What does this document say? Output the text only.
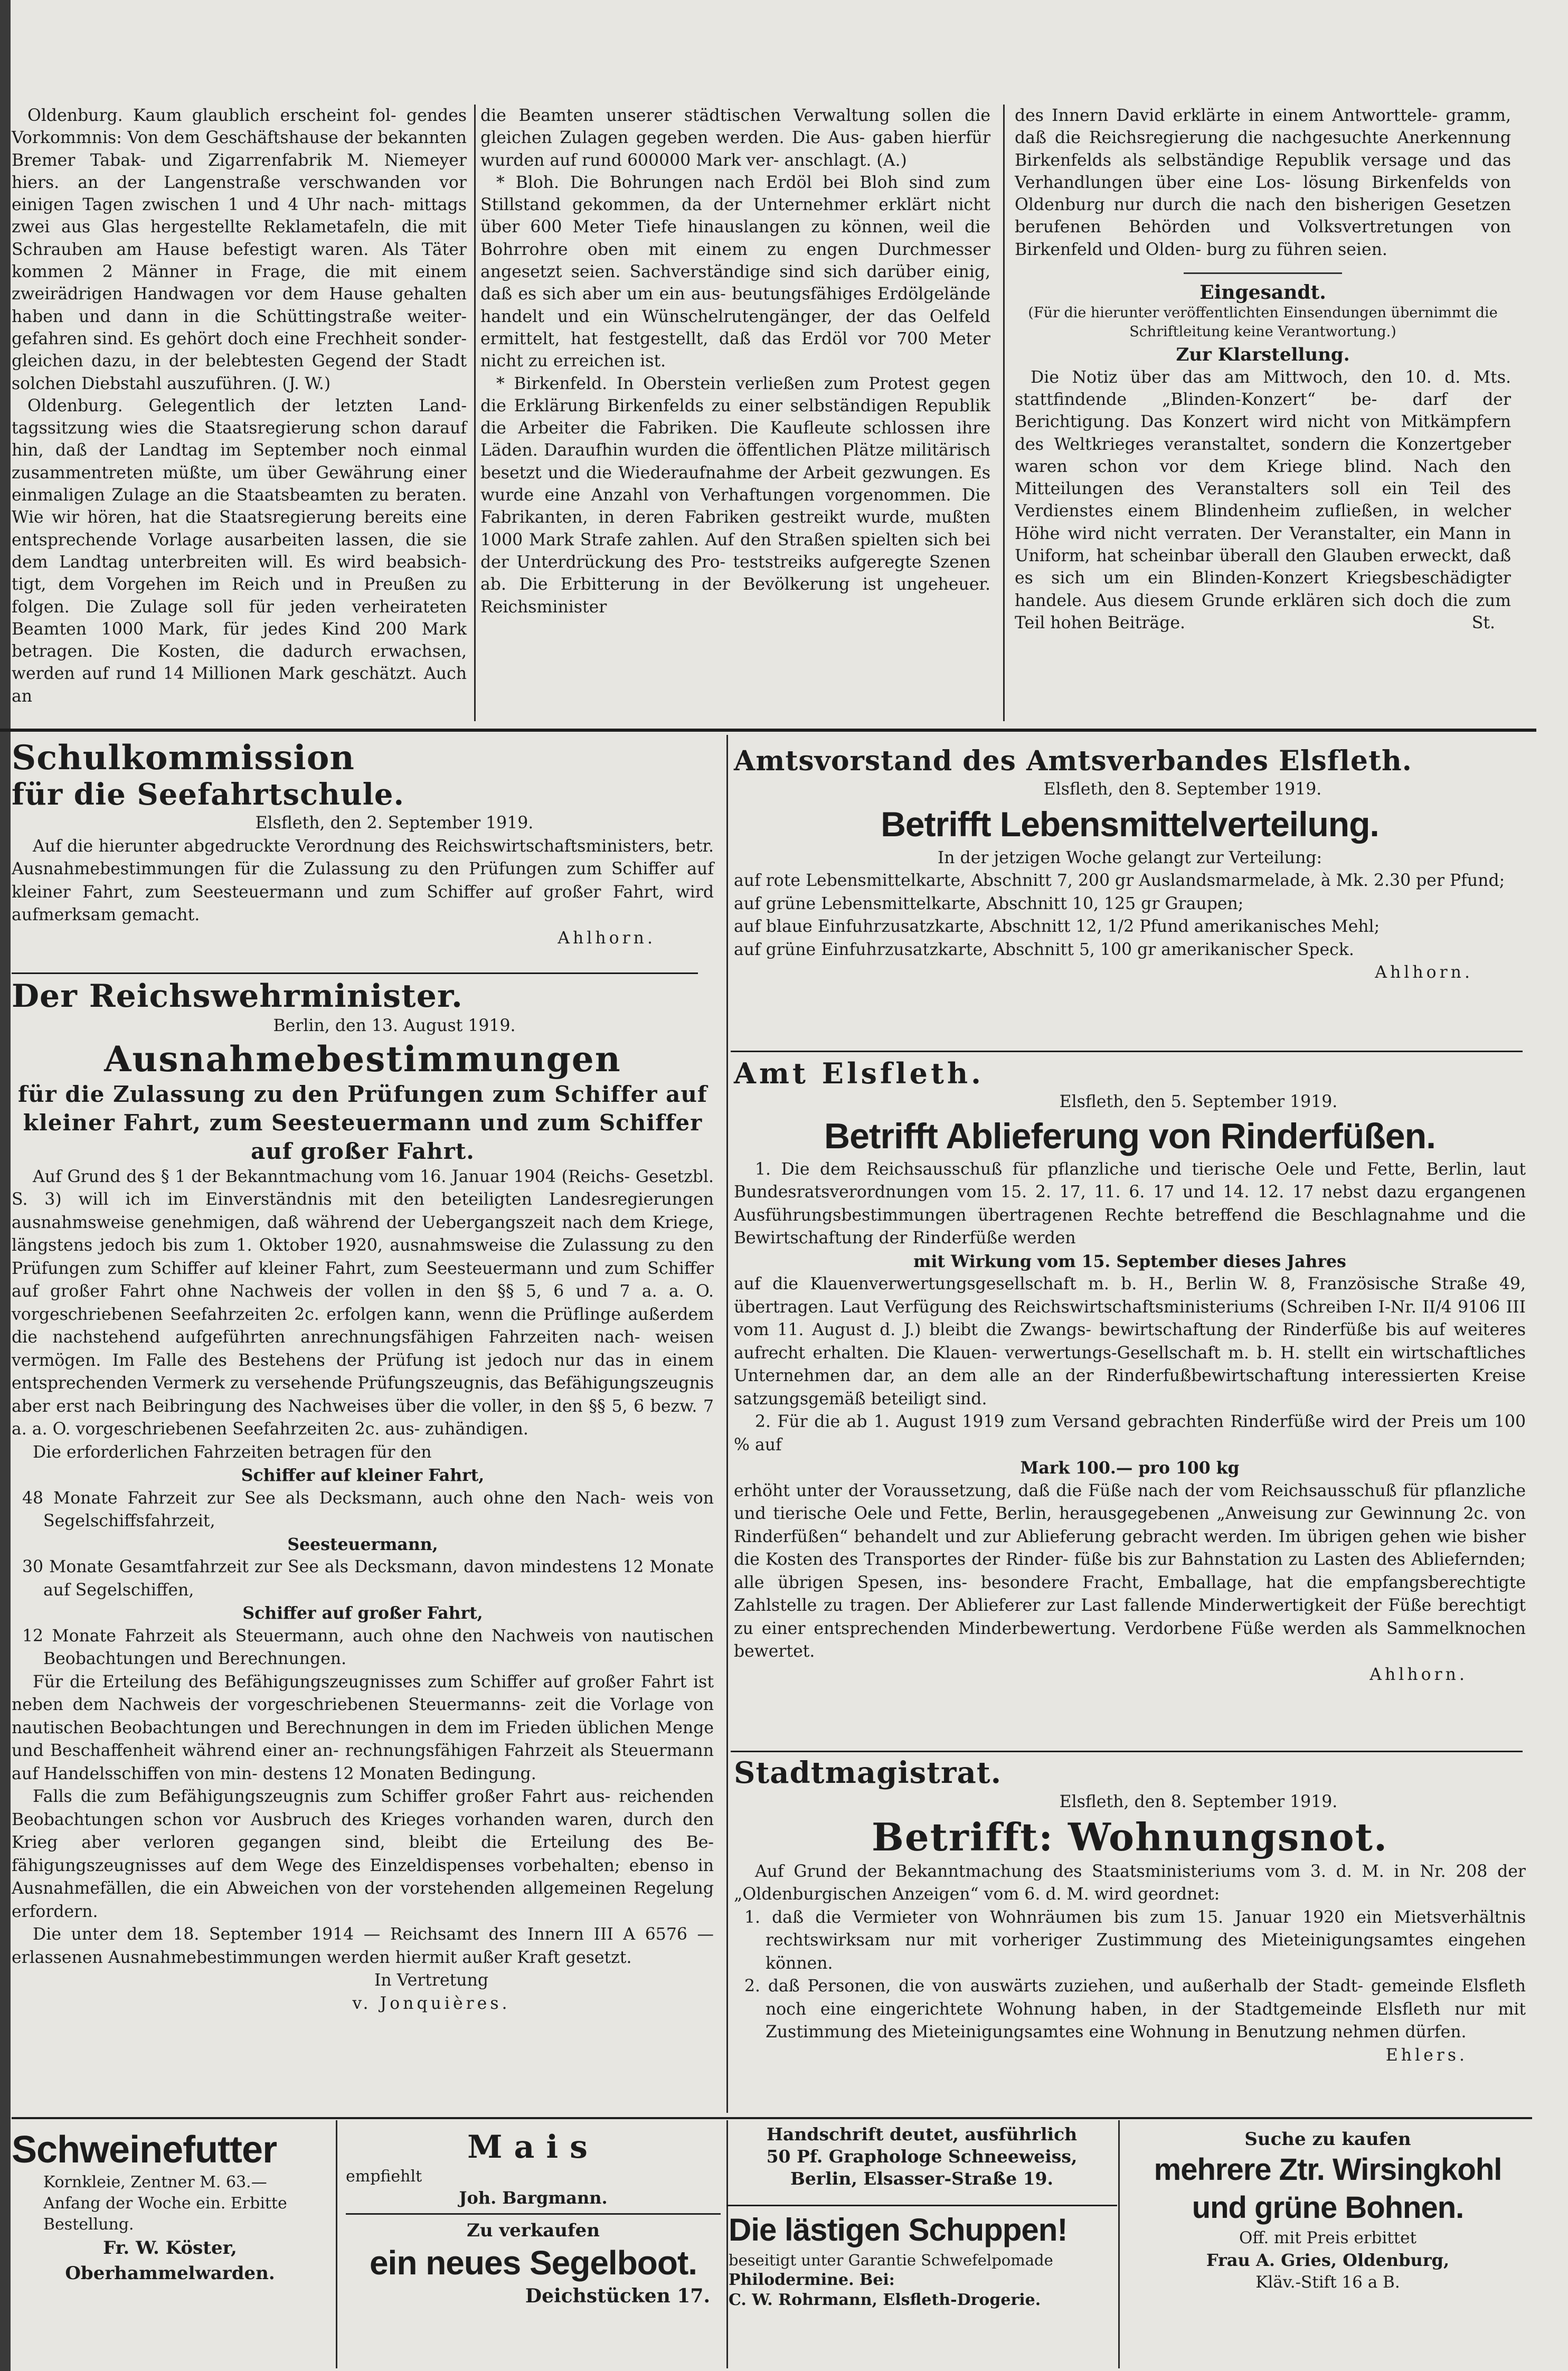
Oldenburg. Kaum glaublich erscheint fol- gendes Vorkommnis: Von dem Geschäftshause der bekannten Bremer Tabak- und Zigarrenfabrik M. Niemeyer hiers. an der Langenstraße verschwanden vor einigen Tagen zwischen 1 und 4 Uhr nach- mittags zwei aus Glas hergestellte Reklametafeln, die mit Schrauben am Hause befestigt waren. Als Täter kommen 2 Männer in Frage, die mit einem zweirädrigen Handwagen vor dem Hause gehalten haben und dann in die Schüttingstraße weiter- gefahren sind. Es gehört doch eine Frechheit sonder- gleichen dazu, in der belebtesten Gegend der Stadt solchen Diebstahl auszuführen. (J. W.)

Oldenburg. Gelegentlich der letzten Land- tagssitzung wies die Staatsregierung schon darauf hin, daß der Landtag im September noch einmal zusammentreten müßte, um über Gewährung einer einmaligen Zulage an die Staatsbeamten zu beraten. Wie wir hören, hat die Staatsregierung bereits eine entsprechende Vorlage ausarbeiten lassen, die sie dem Landtag unterbreiten will. Es wird beabsich- tigt, dem Vorgehen im Reich und in Preußen zu folgen. Die Zulage soll für jeden verheirateten Beamten 1000 Mark, für jedes Kind 200 Mark betragen. Die Kosten, die dadurch erwachsen, werden auf rund 14 Millionen Mark geschätzt. Auch an

die Beamten unserer städtischen Verwaltung sollen die gleichen Zulagen gegeben werden. Die Aus- gaben hierfür wurden auf rund 600000 Mark ver- anschlagt. (A.)

* Bloh. Die Bohrungen nach Erdöl bei Bloh sind zum Stillstand gekommen, da der Unternehmer erklärt nicht über 600 Meter Tiefe hinauslangen zu können, weil die Bohrrohre oben mit einem zu engen Durchmesser angesetzt seien. Sachverständige sind sich darüber einig, daß es sich aber um ein aus- beutungsfähiges Erdölgelände handelt und ein Wünschelrutengänger, der das Oelfeld ermittelt, hat festgestellt, daß das Erdöl vor 700 Meter nicht zu erreichen ist.

* Birkenfeld. In Oberstein verließen zum Protest gegen die Erklärung Birkenfelds zu einer selbständigen Republik die Arbeiter die Fabriken. Die Kaufleute schlossen ihre Läden. Daraufhin wurden die öffentlichen Plätze militärisch besetzt und die Wiederaufnahme der Arbeit gezwungen. Es wurde eine Anzahl von Verhaftungen vorgenommen. Die Fabrikanten, in deren Fabriken gestreikt wurde, mußten 1000 Mark Strafe zahlen. Auf den Straßen spielten sich bei der Unterdrückung des Pro- teststreiks aufgeregte Szenen ab. Die Erbitterung in der Bevölkerung ist ungeheuer. Reichsminister

des Innern David erklärte in einem Antworttele- gramm, daß die Reichsregierung die nachgesuchte Anerkennung Birkenfelds als selbständige Republik versage und das Verhandlungen über eine Los- lösung Birkenfelds von Oldenburg nur durch die nach den bisherigen Gesetzen berufenen Behörden und Volksvertretungen von Birkenfeld und Olden- burg zu führen seien.

Eingesandt.

(Für die hierunter veröffentlichten Einsendungen übernimmt die Schriftleitung keine Verantwortung.)

Zur Klarstellung.

Die Notiz über das am Mittwoch, den 10. d. Mts. stattfindende „Blinden-Konzert“ be- darf der Berichtigung. Das Konzert wird nicht von Mitkämpfern des Weltkrieges veranstaltet, sondern die Konzertgeber waren schon vor dem Kriege blind. Nach den Mitteilungen des Veranstalters soll ein Teil des Verdienstes einem Blindenheim zufließen, in welcher Höhe wird nicht verraten. Der Veranstalter, ein Mann in Uniform, hat scheinbar überall den Glauben erweckt, daß es sich um ein Blinden-Konzert Kriegsbeschädigter handele. Aus diesem Grunde erklären sich doch die zum Teil hohen Beiträge.	St.

Schulkommission
für die Seefahrtschule.

Elsfleth, den 2. September 1919.

Auf die hierunter abgedruckte Verordnung des Reichswirtschaftsministers, betr. Ausnahmebestimmungen für die Zulassung zu den Prüfungen zum Schiffer auf kleiner Fahrt, zum Seesteuermann und zum Schiffer auf großer Fahrt, wird aufmerksam gemacht.

Ahlhorn.

Der Reichswehrminister.

Berlin, den 13. August 1919.

Ausnahmebestimmungen

für die Zulassung zu den Prüfungen zum Schiffer auf kleiner Fahrt, zum Seesteuermann und zum Schiffer auf großer Fahrt.

Auf Grund des § 1 der Bekanntmachung vom 16. Januar 1904 (Reichs- Gesetzbl. S. 3) will ich im Einverständnis mit den beteiligten Landesregierungen ausnahmsweise genehmigen, daß während der Uebergangszeit nach dem Kriege, längstens jedoch bis zum 1. Oktober 1920, ausnahmsweise die Zulassung zu den Prüfungen zum Schiffer auf kleiner Fahrt, zum Seesteuermann und zum Schiffer auf großer Fahrt ohne Nachweis der vollen in den §§ 5, 6 und 7 a. a. O. vorgeschriebenen Seefahrzeiten 2c. erfolgen kann, wenn die Prüflinge außerdem die nachstehend aufgeführten anrechnungsfähigen Fahrzeiten nach- weisen vermögen. Im Falle des Bestehens der Prüfung ist jedoch nur das in einem entsprechenden Vermerk zu versehende Prüfungszeugnis, das Befähigungszeugnis aber erst nach Beibringung des Nachweises über die voller, in den §§ 5, 6 bezw. 7 a. a. O. vorgeschriebenen Seefahrzeiten 2c. aus- zuhändigen.

Die erforderlichen Fahrzeiten betragen für den

Schiffer auf kleiner Fahrt,

48 Monate Fahrzeit zur See als Decksmann, auch ohne den Nach- weis von Segelschiffsfahrzeit,

Seesteuermann,

30 Monate Gesamtfahrzeit zur See als Decksmann, davon mindestens 12 Monate auf Segelschiffen,

Schiffer auf großer Fahrt,

12 Monate Fahrzeit als Steuermann, auch ohne den Nachweis von nautischen Beobachtungen und Berechnungen.

Für die Erteilung des Befähigungszeugnisses zum Schiffer auf großer Fahrt ist neben dem Nachweis der vorgeschriebenen Steuermanns- zeit die Vorlage von nautischen Beobachtungen und Berechnungen in dem im Frieden üblichen Menge und Beschaffenheit während einer an- rechnungsfähigen Fahrzeit als Steuermann auf Handelsschiffen von min- destens 12 Monaten Bedingung.

Falls die zum Befähigungszeugnis zum Schiffer großer Fahrt aus- reichenden Beobachtungen schon vor Ausbruch des Krieges vorhanden waren, durch den Krieg aber verloren gegangen sind, bleibt die Erteilung des Be- fähigungszeugnisses auf dem Wege des Einzeldispenses vorbehalten; ebenso in Ausnahmefällen, die ein Abweichen von der vorstehenden allgemeinen Regelung erfordern.

Die unter dem 18. September 1914 — Reichsamt des Innern III A 6576 — erlassenen Ausnahmebestimmungen werden hiermit außer Kraft gesetzt.

In Vertretung

v. Jonquières.

Amtsvorstand des Amtsverbandes Elsfleth.

Elsfleth, den 8. September 1919.

Betrifft Lebensmittelverteilung.

In der jetzigen Woche gelangt zur Verteilung:

auf rote Lebensmittelkarte, Abschnitt 7, 200 gr Auslandsmarmelade, à Mk. 2.30 per Pfund;

auf grüne Lebensmittelkarte, Abschnitt 10, 125 gr Graupen;

auf blaue Einfuhrzusatzkarte, Abschnitt 12, 1/2 Pfund amerikanisches Mehl;

auf grüne Einfuhrzusatzkarte, Abschnitt 5, 100 gr amerikanischer Speck.

Ahlhorn.

Amt Elsfleth.

Elsfleth, den 5. September 1919.

Betrifft Ablieferung von Rinderfüßen.

1. Die dem Reichsausschuß für pflanzliche und tierische Oele und Fette, Berlin, laut Bundesratsverordnungen vom 15. 2. 17, 11. 6. 17 und 14. 12. 17 nebst dazu ergangenen Ausführungsbestimmungen übertragenen Rechte betreffend die Beschlagnahme und die Bewirtschaftung der Rinderfüße werden

mit Wirkung vom 15. September dieses Jahres

auf die Klauenverwertungsgesellschaft m. b. H., Berlin W. 8, Französische Straße 49, übertragen. Laut Verfügung des Reichswirtschaftsministeriums (Schreiben I-Nr. II/4 9106 III vom 11. August d. J.) bleibt die Zwangs- bewirtschaftung der Rinderfüße bis auf weiteres aufrecht erhalten. Die Klauen- verwertungs-Gesellschaft m. b. H. stellt ein wirtschaftliches Unternehmen dar, an dem alle an der Rinderfußbewirtschaftung interessierten Kreise satzungsgemäß beteiligt sind.

2. Für die ab 1. August 1919 zum Versand gebrachten Rinderfüße wird der Preis um 100 % auf

Mark 100.— pro 100 kg

erhöht unter der Voraussetzung, daß die Füße nach der vom Reichsausschuß für pflanzliche und tierische Oele und Fette, Berlin, herausgegebenen „Anweisung zur Gewinnung 2c. von Rinderfüßen“ behandelt und zur Ablieferung gebracht werden. Im übrigen gehen wie bisher die Kosten des Transportes der Rinder- füße bis zur Bahnstation zu Lasten des Abliefernden; alle übrigen Spesen, ins- besondere Fracht, Emballage, hat die empfangsberechtigte Zahlstelle zu tragen. Der Ablieferer zur Last fallende Minderwertigkeit der Füße berechtigt zu einer entsprechenden Minderbewertung. Verdorbene Füße werden als Sammelknochen bewertet.

Ahlhorn.

Stadtmagistrat.

Elsfleth, den 8. September 1919.

Betrifft: Wohnungsnot.

Auf Grund der Bekanntmachung des Staatsministeriums vom 3. d. M. in Nr. 208 der „Oldenburgischen Anzeigen“ vom 6. d. M. wird geordnet:

1. daß die Vermieter von Wohnräumen bis zum 15. Januar 1920 ein Mietsverhältnis rechtswirksam nur mit vorheriger Zustimmung des Mieteinigungsamtes eingehen können.

2. daß Personen, die von auswärts zuziehen, und außerhalb der Stadt- gemeinde Elsfleth noch eine eingerichtete Wohnung haben, in der Stadtgemeinde Elsfleth nur mit Zustimmung des Mieteinigungsamtes eine Wohnung in Benutzung nehmen dürfen.

Ehlers.

Schweinefutter
Kornkleie, Zentner M. 63.—
Anfang der Woche ein. Erbitte Bestellung.
Fr. W. Köster,
Oberhammelwarden.
Mais
empfiehlt
Joh. Bargmann.
Zu verkaufen
ein neues Segelboot.
Deichstücken 17.
Handschrift deutet, ausführlich
50 Pf. Graphologe Schneeweiss,
Berlin, Elsasser-Straße 19.
Die lästigen Schuppen!
beseitigt unter Garantie Schwefelpomade
Philodermine. Bei:
C. W. Rohrmann, Elsfleth-Drogerie.
Suche zu kaufen
mehrere Ztr. Wirsingkohl
und grüne Bohnen.
Off. mit Preis erbittet
Frau A. Gries, Oldenburg,
Kläv.-Stift 16 a B.
